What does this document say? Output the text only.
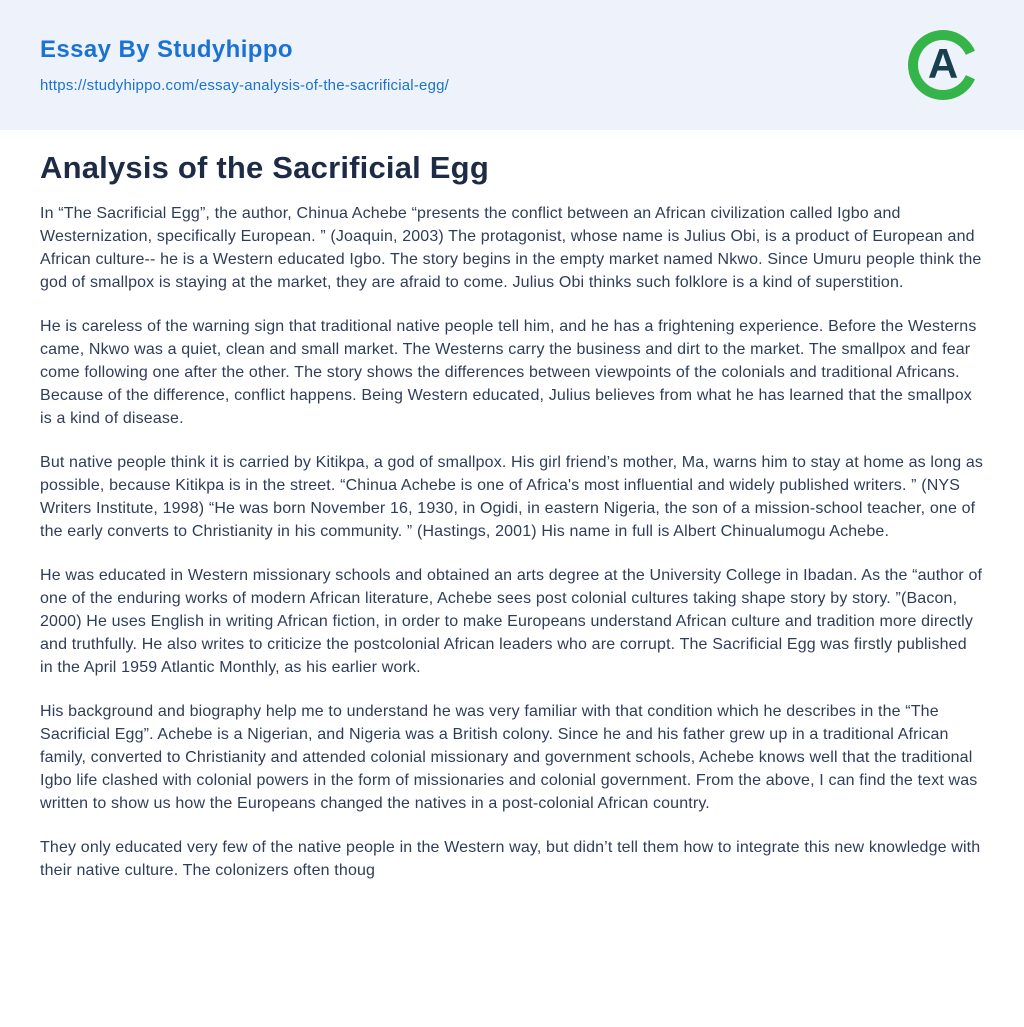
Essay By Studyhippo
https://studyhippo.com/essay-analysis-of-the-sacrificial-egg/	A
Analysis of the Sacrificial Egg

In “The Sacrificial Egg”, the author, Chinua Achebe “presents the conflict between an African civilization called Igbo and Westernization, specifically European. ” (Joaquin, 2003) The protagonist, whose name is Julius Obi, is a product of European and African culture-- he is a Western educated Igbo. The story begins in the empty market named Nkwo. Since Umuru people think the god of smallpox is staying at the market, they are afraid to come. Julius Obi thinks such folklore is a kind of superstition.

He is careless of the warning sign that traditional native people tell him, and he has a frightening experience. Before the Westerns came, Nkwo was a quiet, clean and small market. The Westerns carry the business and dirt to the market. The smallpox and fear come following one after the other. The story shows the differences between viewpoints of the colonials and traditional Africans. Because of the difference, conflict happens. Being Western educated, Julius believes from what he has learned that the smallpox is a kind of disease.

But native people think it is carried by Kitikpa, a god of smallpox. His girl friend’s mother, Ma, warns him to stay at home as long as possible, because Kitikpa is in the street. “Chinua Achebe is one of Africa's most influential and widely published writers. ” (NYS Writers Institute, 1998) “He was born November 16, 1930, in Ogidi, in eastern Nigeria, the son of a mission-school teacher, one of the early converts to Christianity in his community. ” (Hastings, 2001) His name in full is Albert Chinualumogu Achebe.

He was educated in Western missionary schools and obtained an arts degree at the University College in Ibadan. As the “author of one of the enduring works of modern African literature, Achebe sees post colonial cultures taking shape story by story. ”(Bacon, 2000) He uses English in writing African fiction, in order to make Europeans understand African culture and tradition more directly and truthfully. He also writes to criticize the postcolonial African leaders who are corrupt. The Sacrificial Egg was firstly published in the April 1959 Atlantic Monthly, as his earlier work.

His background and biography help me to understand he was very familiar with that condition which he describes in the “The Sacrificial Egg”. Achebe is a Nigerian, and Nigeria was a British colony. Since he and his father grew up in a traditional African family, converted to Christianity and attended colonial missionary and government schools, Achebe knows well that the traditional Igbo life clashed with colonial powers in the form of missionaries and colonial government. From the above, I can find the text was written to show us how the Europeans changed the natives in a post-colonial African country.

They only educated very few of the native people in the Western way, but didn’t tell them how to integrate this new knowledge with their native culture. The colonizers often thoug
